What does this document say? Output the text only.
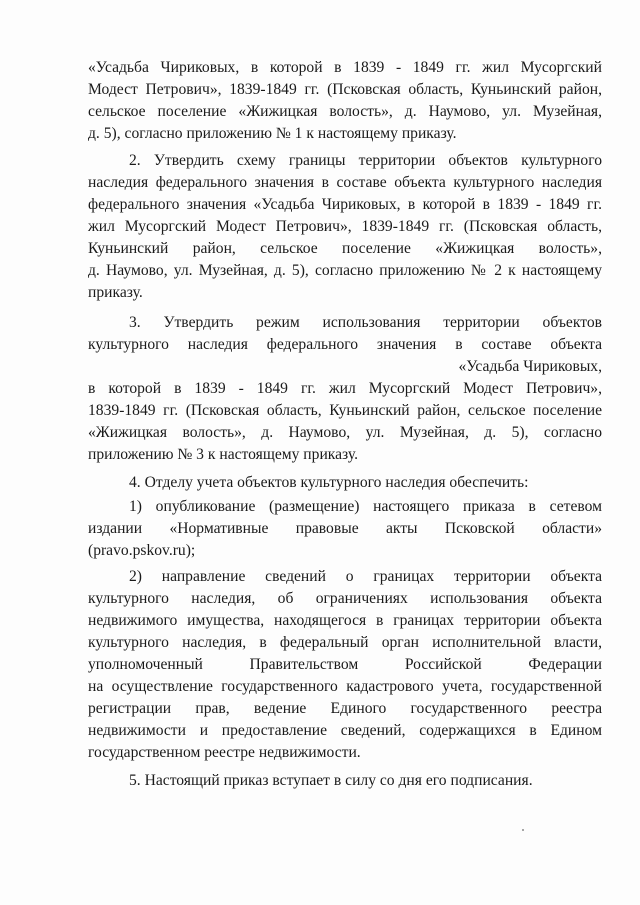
«Усадьба Чириковых, в которой в 1839 - 1849 гг. жил Мусоргский
Модест Петрович», 1839-1849 гг. (Псковская область, Куньинский район,
сельское поселение «Жижицкая волость», д. Наумово, ул. Музейная,
д. 5), согласно приложению № 1 к настоящему приказу.
2. Утвердить схему границы территории объектов культурного
наследия федерального значения в составе объекта культурного наследия
федерального значения «Усадьба Чириковых, в которой в 1839 - 1849 гг.
жил Мусоргский Модест Петрович», 1839-1849 гг. (Псковская область,
Куньинский район, сельское поселение «Жижицкая волость»,
д. Наумово, ул. Музейная, д. 5), согласно приложению № 2 к настоящему
приказу.
3. Утвердить режим использования территории объектов
культурного наследия федерального значения в составе объекта
«Усадьба Чириковых,
в которой в 1839 - 1849 гг. жил Мусоргский Модест Петрович»,
1839-1849 гг. (Псковская область, Куньинский район, сельское поселение
«Жижицкая волость», д. Наумово, ул. Музейная, д. 5), согласно
приложению № 3 к настоящему приказу.
4. Отделу учета объектов культурного наследия обеспечить:
1) опубликование (размещение) настоящего приказа в сетевом
издании «Нормативные правовые акты Псковской области»
(pravo.pskov.ru);
2) направление сведений о границах территории объекта
культурного наследия, об ограничениях использования объекта
недвижимого имущества, находящегося в границах территории объекта
культурного наследия, в федеральный орган исполнительной власти,
уполномоченный Правительством Российской Федерации
на осуществление государственного кадастрового учета, государственной
регистрации прав, ведение Единого государственного реестра
недвижимости и предоставление сведений, содержащихся в Едином
государственном реестре недвижимости.
5. Настоящий приказ вступает в силу со дня его подписания.
